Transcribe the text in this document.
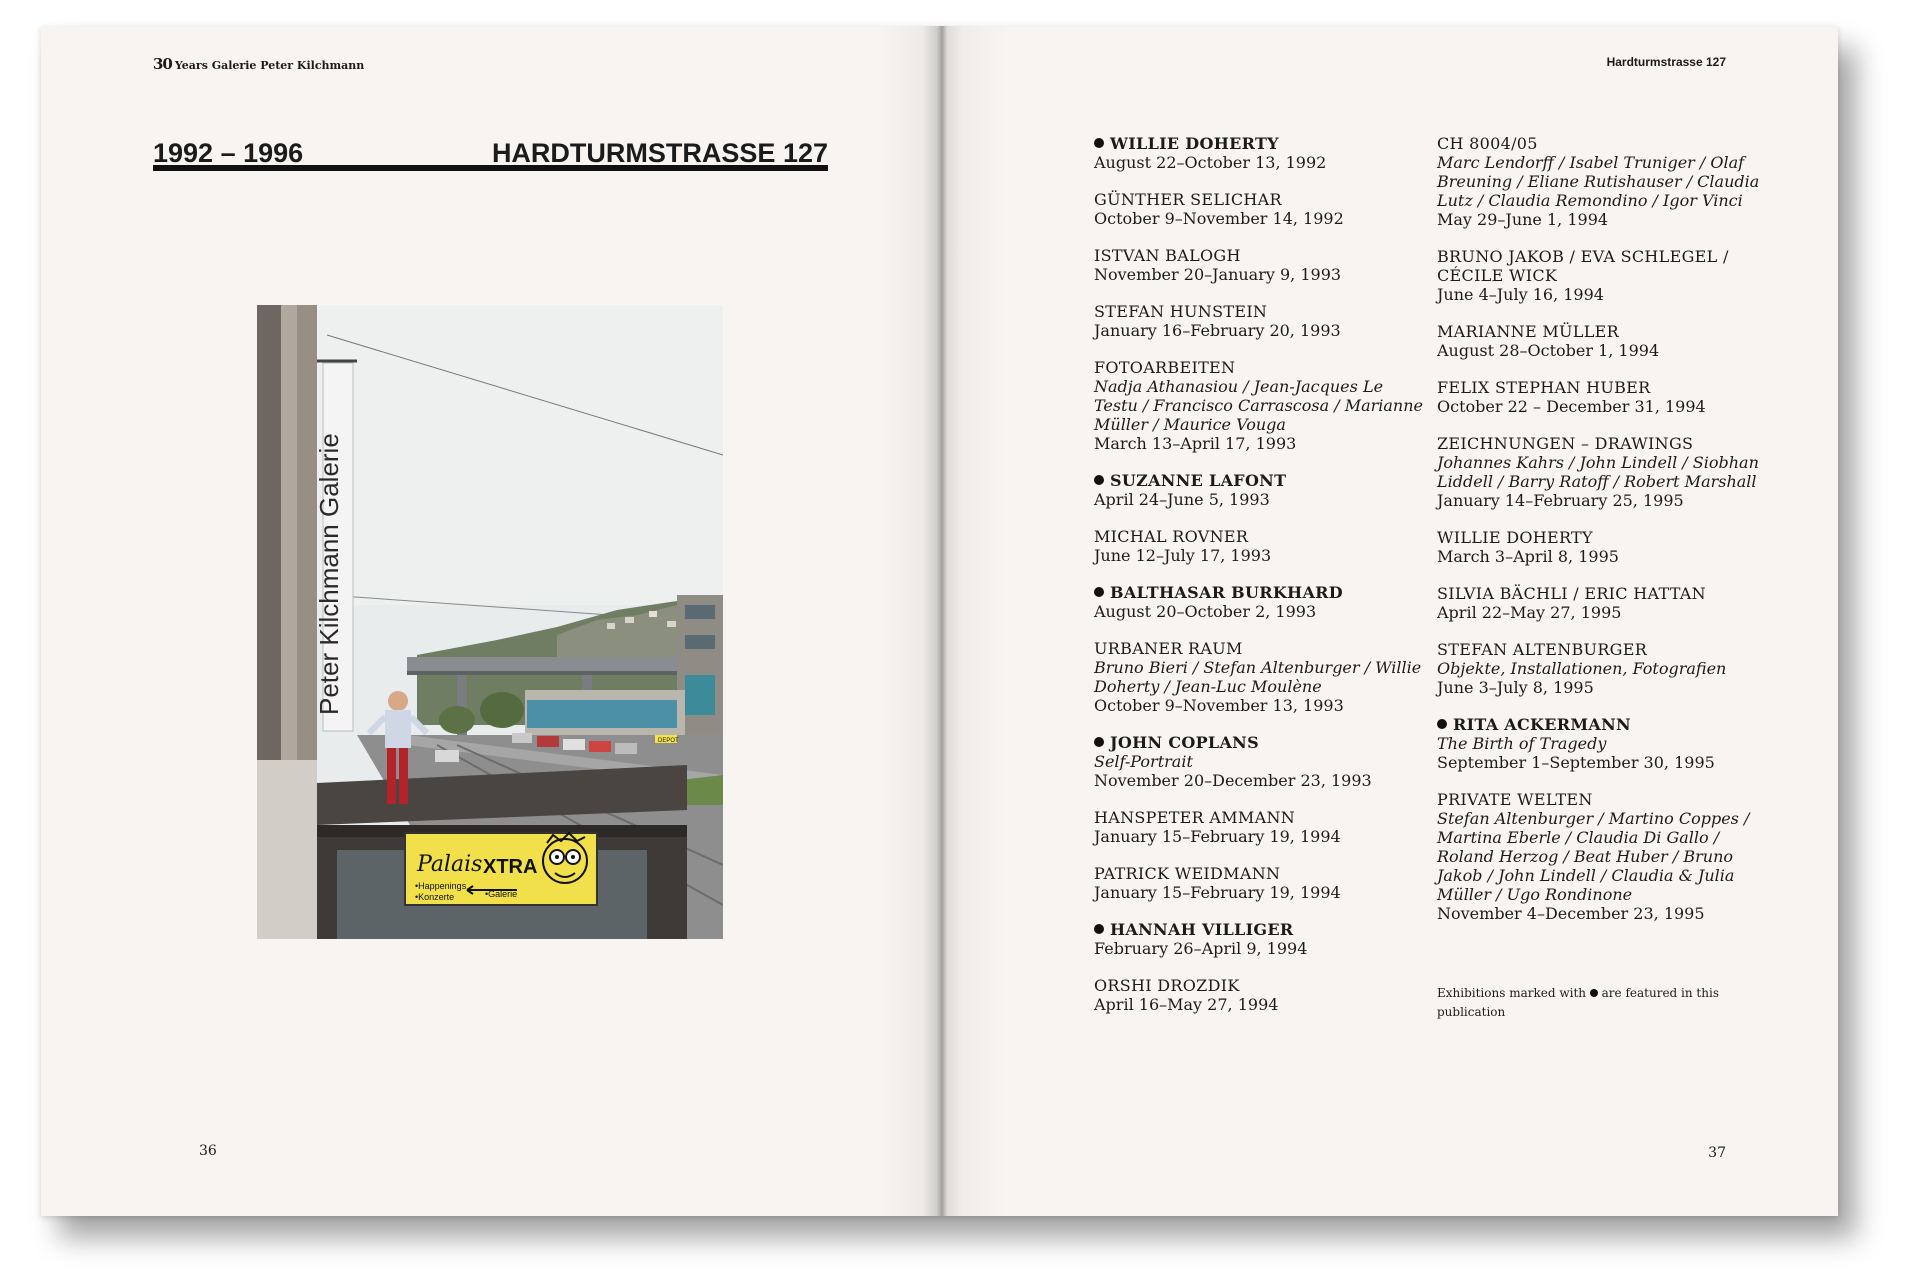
30 Years Galerie Peter Kilchmann
1992 – 1996	HARDTURMSTRASSE 127
DEPOT
Peter Kilchmann Galerie
Palais XTRA
•Happenings
•Konzerte	•Galerie
36
Hardturmstrasse 127
WILLIE DOHERTY
August 22–October 13, 1992
GÜNTHER SELICHAR
October 9–November 14, 1992
ISTVAN BALOGH
November 20–January 9, 1993
STEFAN HUNSTEIN
January 16–February 20, 1993
FOTOARBEITEN
Nadja Athanasiou / Jean-Jacques Le Testu / Francisco Carrascosa / Marianne Müller / Maurice Vouga
March 13–April 17, 1993
SUZANNE LAFONT
April 24–June 5, 1993
MICHAL ROVNER
June 12–July 17, 1993
BALTHASAR BURKHARD
August 20–October 2, 1993
URBANER RAUM
Bruno Bieri / Stefan Altenburger / Willie Doherty / Jean-Luc Moulène
October 9–November 13, 1993
JOHN COPLANS
Self-Portrait
November 20–December 23, 1993
HANSPETER AMMANN
January 15–February 19, 1994
PATRICK WEIDMANN
January 15–February 19, 1994
HANNAH VILLIGER
February 26–April 9, 1994
ORSHI DROZDIK
April 16–May 27, 1994
CH 8004/05
Marc Lendorff / Isabel Truniger / Olaf Breuning / Eliane Rutishauser / Claudia Lutz / Claudia Remondino / Igor Vinci
May 29–June 1, 1994
BRUNO JAKOB / EVA SCHLEGEL / CÉCILE WICK
June 4–July 16, 1994
MARIANNE MÜLLER
August 28–October 1, 1994
FELIX STEPHAN HUBER
October 22 – December 31, 1994
ZEICHNUNGEN – DRAWINGS
Johannes Kahrs / John Lindell / Siobhan Liddell / Barry Ratoff / Robert Marshall
January 14–February 25, 1995
WILLIE DOHERTY
March 3–April 8, 1995
SILVIA BÄCHLI / ERIC HATTAN
April 22–May 27, 1995
STEFAN ALTENBURGER
Objekte, Installationen, Fotografien
June 3–July 8, 1995
RITA ACKERMANN
The Birth of Tragedy
September 1–September 30, 1995
PRIVATE WELTEN
Stefan Altenburger / Martino Coppes / Martina Eberle / Claudia Di Gallo / Roland Herzog / Beat Huber / Bruno Jakob / John Lindell / Claudia & Julia Müller / Ugo Rondinone
November 4–December 23, 1995
Exhibitions marked with are featured in this publication
37
